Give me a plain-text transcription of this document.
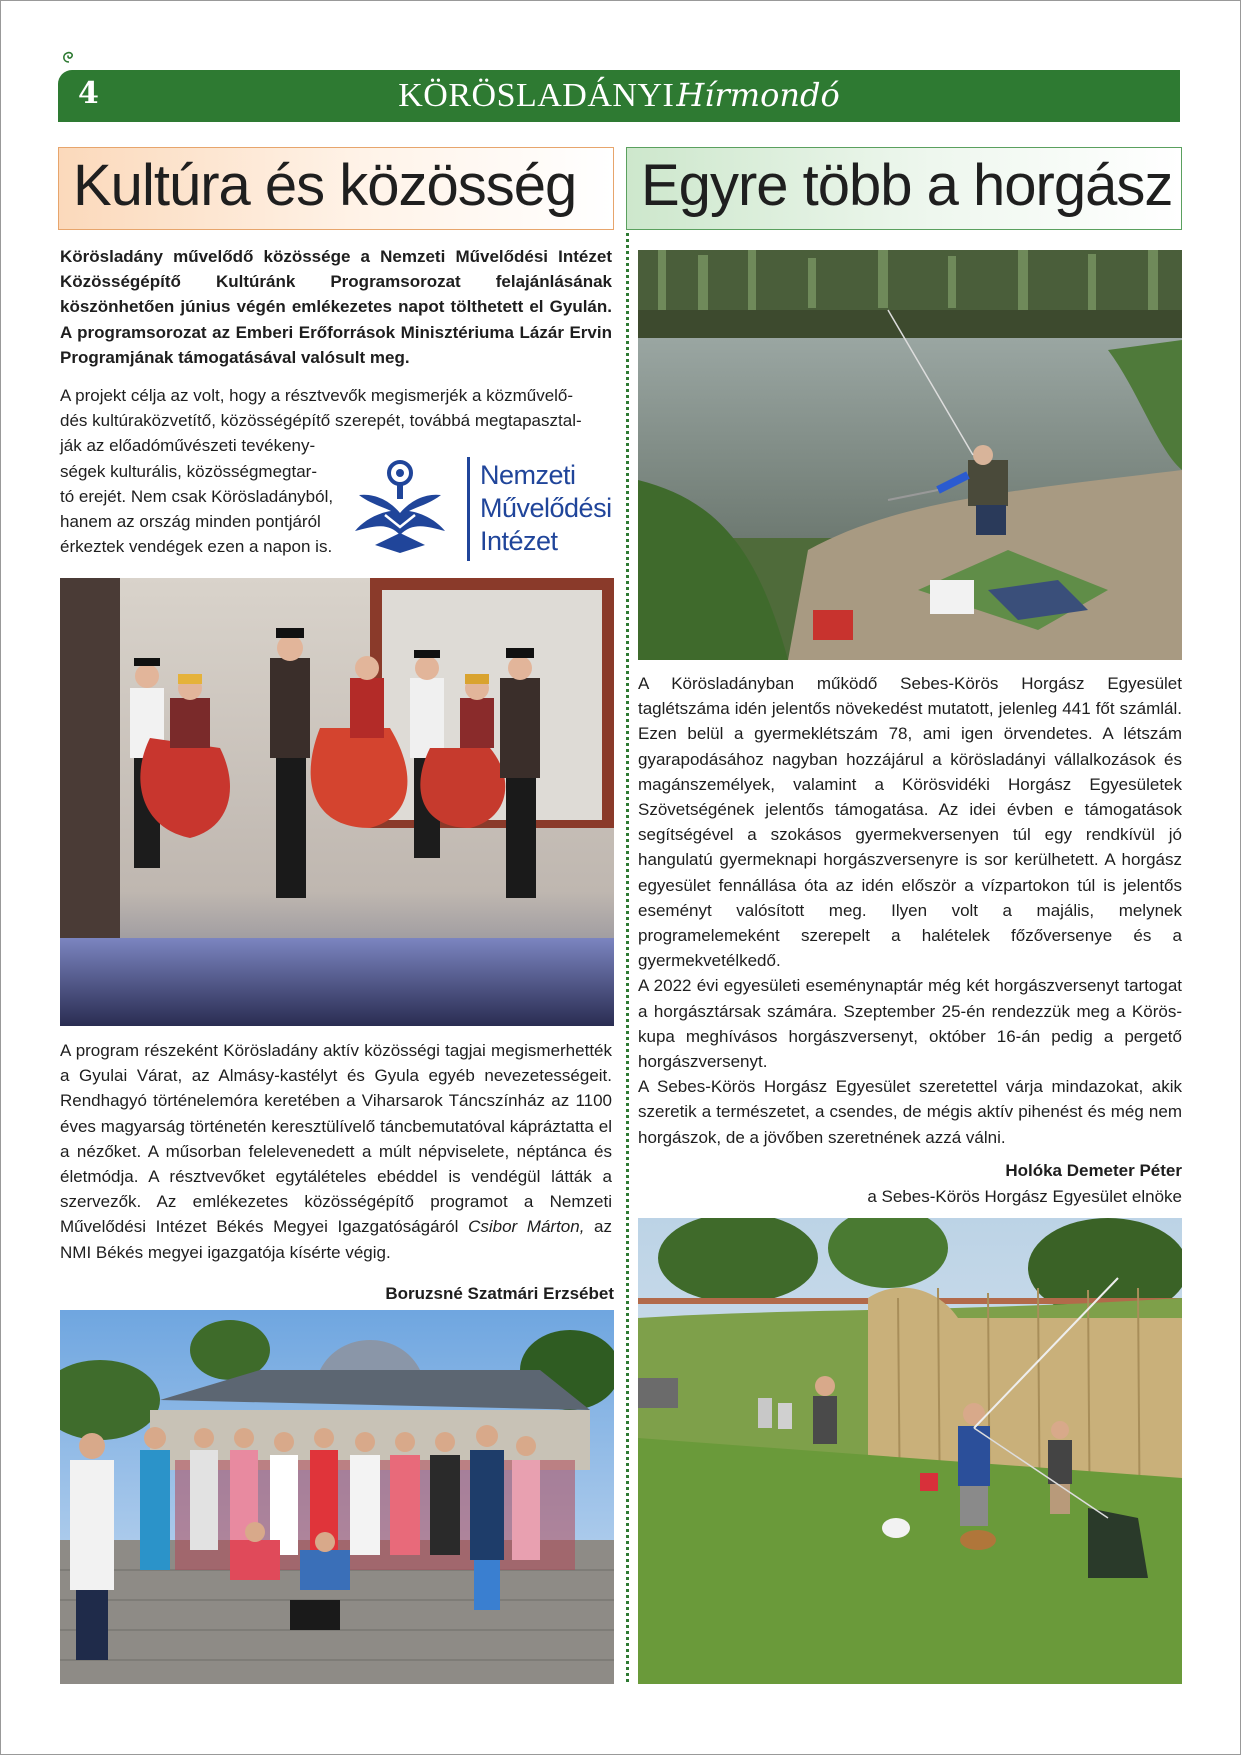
4	KÖRÖSLADÁNYIHírmondó
Kultúra és közösség Egyre több a horgász
Körösladány művelődő közössége a Nemzeti Művelődési Intézet Közösségépítő Kultúránk Programsorozat felajánlásának köszönhetően június végén emlékezetes napot tölthetett el Gyulán. A programsorozat az Emberi Erőforrások Minisztériuma Lázár Ervin Programjának támogatásával valósult meg.
A projekt célja az volt, hogy a résztvevők megismerjék a közművelő-
dés kultúraközvetítő, közösségépítő szerepét, továbbá megtapasztal-
ják az előadóművészeti tevékeny-
ségek kulturális, közösségmegtar-
tó erejét. Nem csak Körösladányból,
hanem az ország minden pontjáról
érkeztek vendégek ezen a napon is.
Nemzeti
Művelődési
Intézet
A program részeként Körösladány aktív közösségi tagjai megismerhették a Gyulai Várat, az Almásy-kastélyt és Gyula egyéb nevezetességeit. Rendhagyó történelemóra keretében a Viharsarok Táncszínház az 1100 éves magyarság történetén keresztülívelő táncbemutatóval kápráztatta el a nézőket. A műsorban felelevenedett a múlt népviselete, néptánca és életmódja. A résztvevőket egytálételes ebéddel is vendégül látták a szervezők. Az emlékezetes közösségépítő programot a Nemzeti Művelődési Intézet Békés Megyei Igazgatóságáról Csibor Márton, az NMI Békés megyei igazgatója kísérte végig.
Boruzsné Szatmári Erzsébet
A Körösladányban működő Sebes-Körös Horgász Egyesület taglétszáma idén jelentős növekedést mutatott, jelenleg 441 főt számlál. Ezen belül a gyermeklétszám 78, ami igen örvendetes. A létszám gyarapodásához nagyban hozzájárul a körösladányi vállalkozások és magánszemélyek, valamint a Körösvidéki Horgász Egyesületek Szövetségének jelentős támogatása. Az idei évben e támogatások segítségével a szokásos gyermekversenyen túl egy rendkívül jó hangulatú gyermeknapi horgászversenyre is sor kerülhetett. A horgász egyesület fennállása óta az idén először a vízpartokon túl is jelentős eseményt valósított meg. Ilyen volt a majális, melynek programelemeként szerepelt a halételek főzőversenye és a gyermekvetélkedő.
A 2022 évi egyesületi eseménynaptár még két horgászversenyt tartogat a horgásztársak számára. Szeptember 25-én rendezzük meg a Körös-kupa meghívásos horgászversenyt, október 16-án pedig a pergető horgászversenyt.
A Sebes-Körös Horgász Egyesület szeretettel várja mindazokat, akik szeretik a természetet, a csendes, de mégis aktív pihenést és még nem horgászok, de a jövőben szeretnének azzá válni.
Holóka Demeter Péter
a Sebes-Körös Horgász Egyesület elnöke
